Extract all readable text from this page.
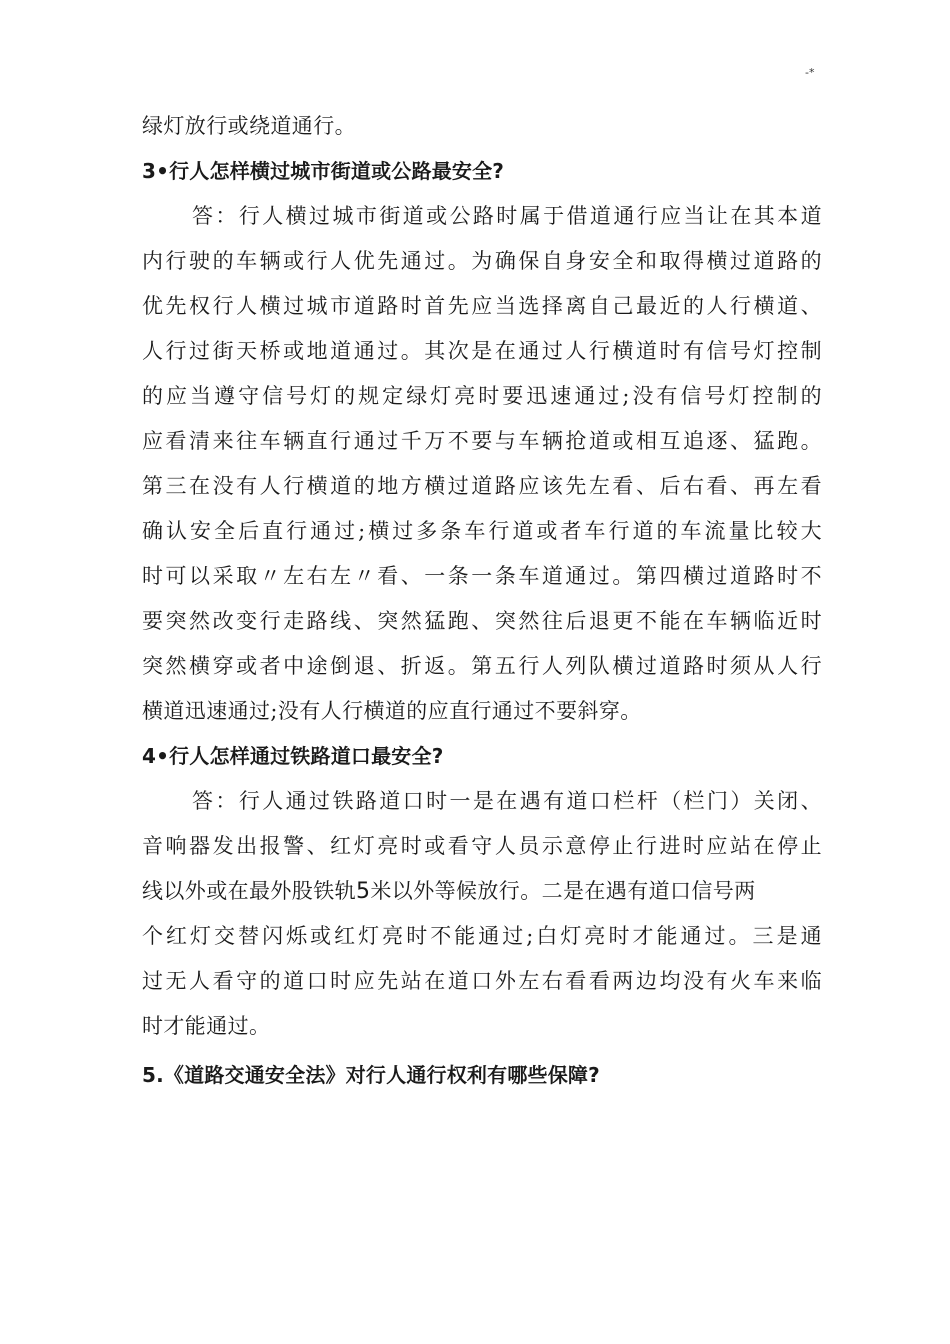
-*
绿灯放行或绕道通行。
3•行人怎样横过城市街道或公路最安全?
答：行人横过城市街道或公路时属于借道通行应当让在其本道
内行驶的车辆或行人优先通过。为确保自身安全和取得横过道路的
优先权行人横过城市道路时首先应当选择离自己最近的人行横道、
人行过街天桥或地道通过。其次是在通过人行横道时有信号灯控制
的应当遵守信号灯的规定绿灯亮时要迅速通过;没有信号灯控制的
应看清来往车辆直行通过千万不要与车辆抢道或相互追逐、猛跑。
第三在没有人行横道的地方横过道路应该先左看、后右看、再左看
确认安全后直行通过;横过多条车行道或者车行道的车流量比较大
时可以采取〃左右左〃看、一条一条车道通过。第四横过道路时不
要突然改变行走路线、突然猛跑、突然往后退更不能在车辆临近时
突然横穿或者中途倒退、折返。第五行人列队横过道路时须从人行
横道迅速通过;没有人行横道的应直行通过不要斜穿。
4•行人怎样通过铁路道口最安全?
答：行人通过铁路道口时一是在遇有道口栏杆（栏门）关闭、
音响器发出报警、红灯亮时或看守人员示意停止行进时应站在停止
线以外或在最外股铁轨5米以外等候放行。二是在遇有道口信号两
个红灯交替闪烁或红灯亮时不能通过;白灯亮时才能通过。三是通
过无人看守的道口时应先站在道口外左右看看两边均没有火车来临
时才能通过。
5.《道路交通安全法》对行人通行权利有哪些保障?
